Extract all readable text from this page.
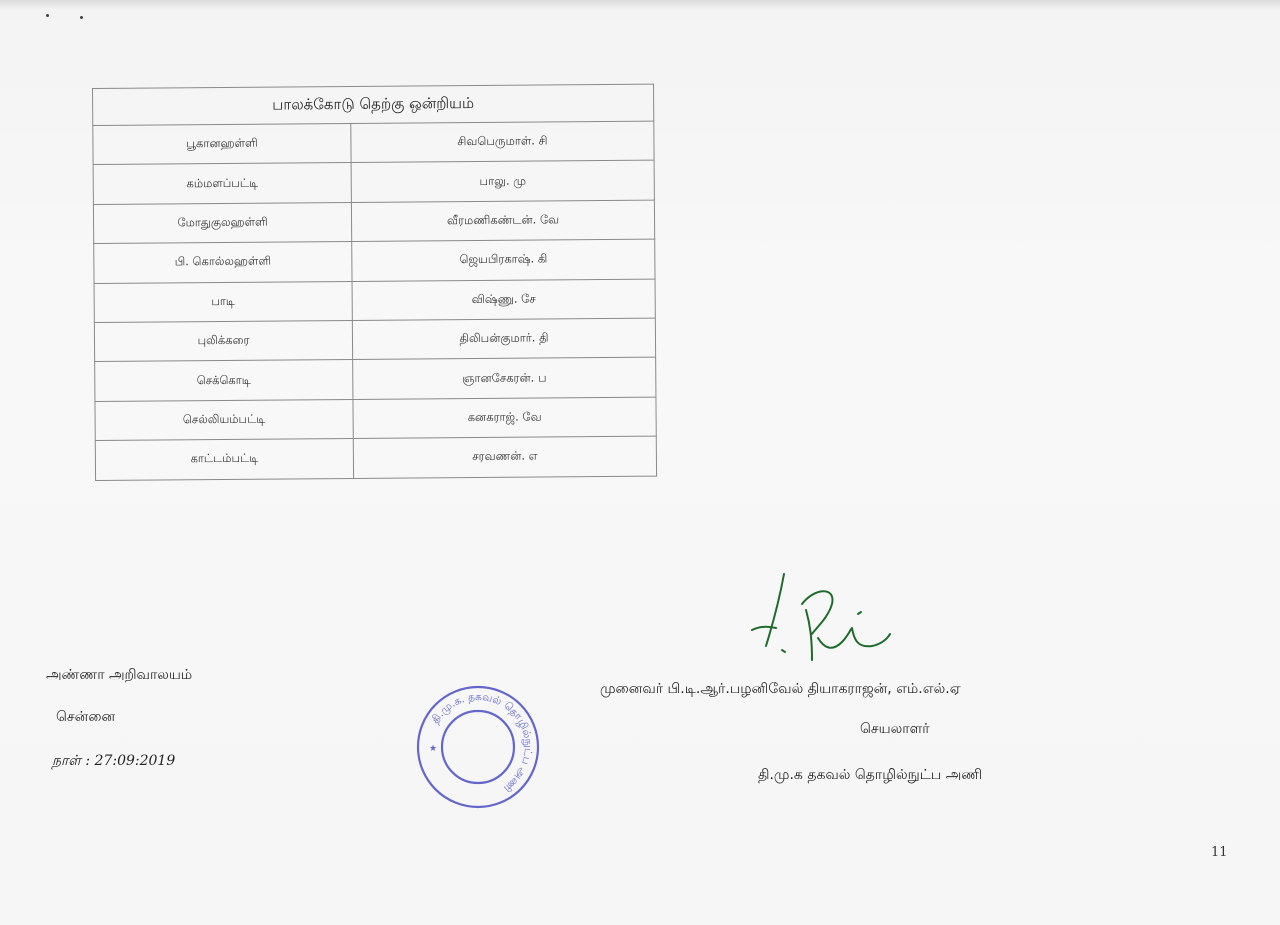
பாலக்கோடு தெற்கு ஒன்றியம்	
பூகானஹள்ளி	சிவபெருமாள். சி
கம்மளப்பட்டி	பாலு. மு
மோதுகுலஹள்ளி	வீரமணிகண்டன். வே
பி. கொல்லஹள்ளி	ஜெயபிரகாஷ். கி
பாடி	விஷ்ணு. சே
புலிக்கரை	திலிபன்குமார். தி
செக்கொடி	ஞானசேகரன். ப
செல்லியம்பட்டி	கனகராஜ். வே
காட்டம்பட்டி	சரவணன். எ
அண்ணா அறிவாலயம்
சென்னை
நாள் : 27:09:2019
தி.மு.க. தகவல் தொழில்நுட்ப அணி
★
முனைவர் பி.டி.ஆர்.பழனிவேல் தியாகராஜன், எம்.எல்.ஏ
செயலாளர்
தி.மு.க தகவல் தொழில்நுட்ப அணி
11
